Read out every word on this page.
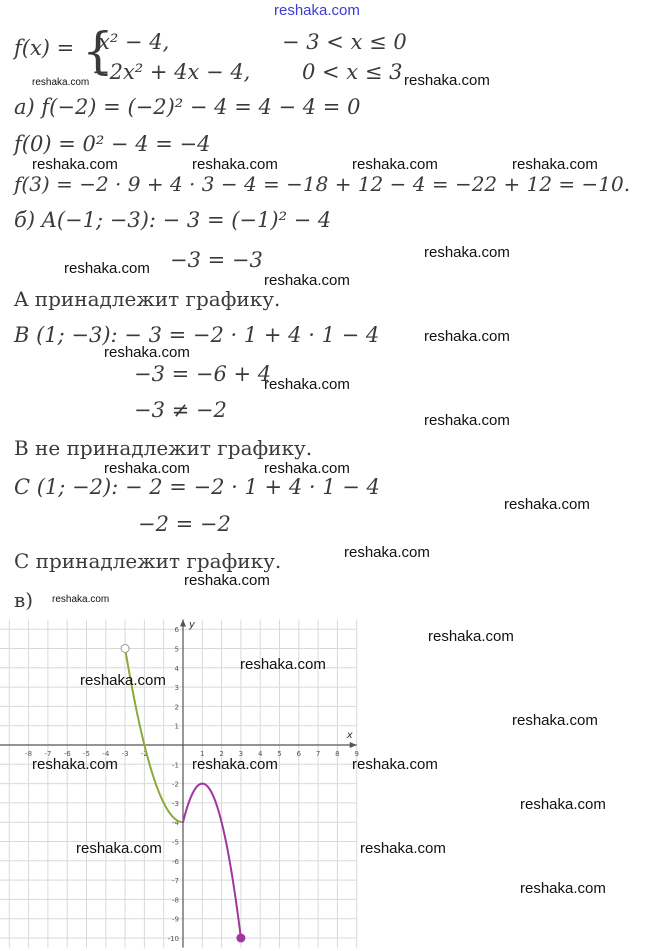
reshaka.com
f(x) = {
x² − 4,	− 3 < x ≤ 0
−2x² + 4x − 4, 0 < x ≤ 3
а) f(−2) = (−2)² − 4 = 4 − 4 = 0
f(0) = 0² − 4 = −4
f(3) = −2 · 9 + 4 · 3 − 4 = −18 + 12 − 4 = −22 + 12 = −10.
б) A(−1; −3): − 3 = (−1)² − 4
−3 = −3
A принадлежит графику.
B (1; −3): − 3 = −2 · 1 + 4 · 1 − 4
−3 = −6 + 4
−3 ≠ −2
B не принадлежит графику.
C (1; −2): − 2 = −2 · 1 + 4 · 1 − 4
−2 = −2
C принадлежит графику.
в)
x
y
-8 -7 -6 -5 -4 -3 -2	1 2 3 4 5 6 7 8 9
6
5
4
3
2
1
-1
-2
-3
-4
-5
-6
-7
-8
-9
-10
reshaka.com	reshaka.com
reshaka.com	reshaka.com	reshaka.com	reshaka.com
reshaka.com
reshaka.com
reshaka.com
reshaka.com
reshaka.com
reshaka.com
reshaka.com
reshaka.com	reshaka.com
reshaka.com
reshaka.com
reshaka.com
reshaka.com
reshaka.com
reshaka.com
reshaka.com
reshaka.com
reshaka.com	reshaka.com	reshaka.com
reshaka.com
reshaka.com	reshaka.com
reshaka.com
